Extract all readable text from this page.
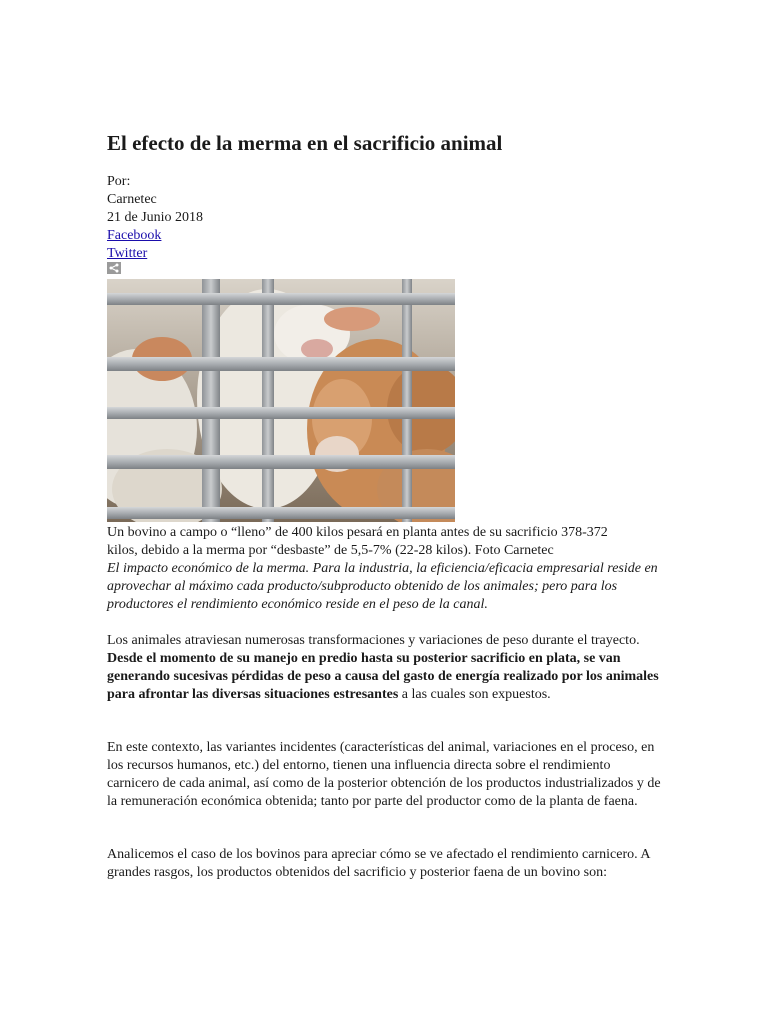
El efecto de la merma en el sacrificio animal
Por:
Carnetec
21 de Junio 2018
Facebook
Twitter
Un bovino a campo o “lleno” de 400 kilos pesará en planta antes de su sacrificio 378-372
kilos, debido a la merma por “desbaste” de 5,5-7% (22-28 kilos). Foto Carnetec
El impacto económico de la merma. Para la industria, la eficiencia/eficacia empresarial reside en aprovechar al máximo cada producto/subproducto obtenido de los animales; pero para los productores el rendimiento económico reside en el peso de la canal.

Los animales atraviesan numerosas transformaciones y variaciones de peso durante el trayecto. Desde el momento de su manejo en predio hasta su posterior sacrificio en plata, se van generando sucesivas pérdidas de peso a causa del gasto de energía realizado por los animales para afrontar las diversas situaciones estresantes a las cuales son expuestos.

En este contexto, las variantes incidentes (características del animal, variaciones en el proceso, en los recursos humanos, etc.) del entorno, tienen una influencia directa sobre el rendimiento carnicero de cada animal, así como de la posterior obtención de los productos industrializados y de la remuneración económica obtenida; tanto por parte del productor como de la planta de faena.

Analicemos el caso de los bovinos para apreciar cómo se ve afectado el rendimiento carnicero. A grandes rasgos, los productos obtenidos del sacrificio y posterior faena de un bovino son:
